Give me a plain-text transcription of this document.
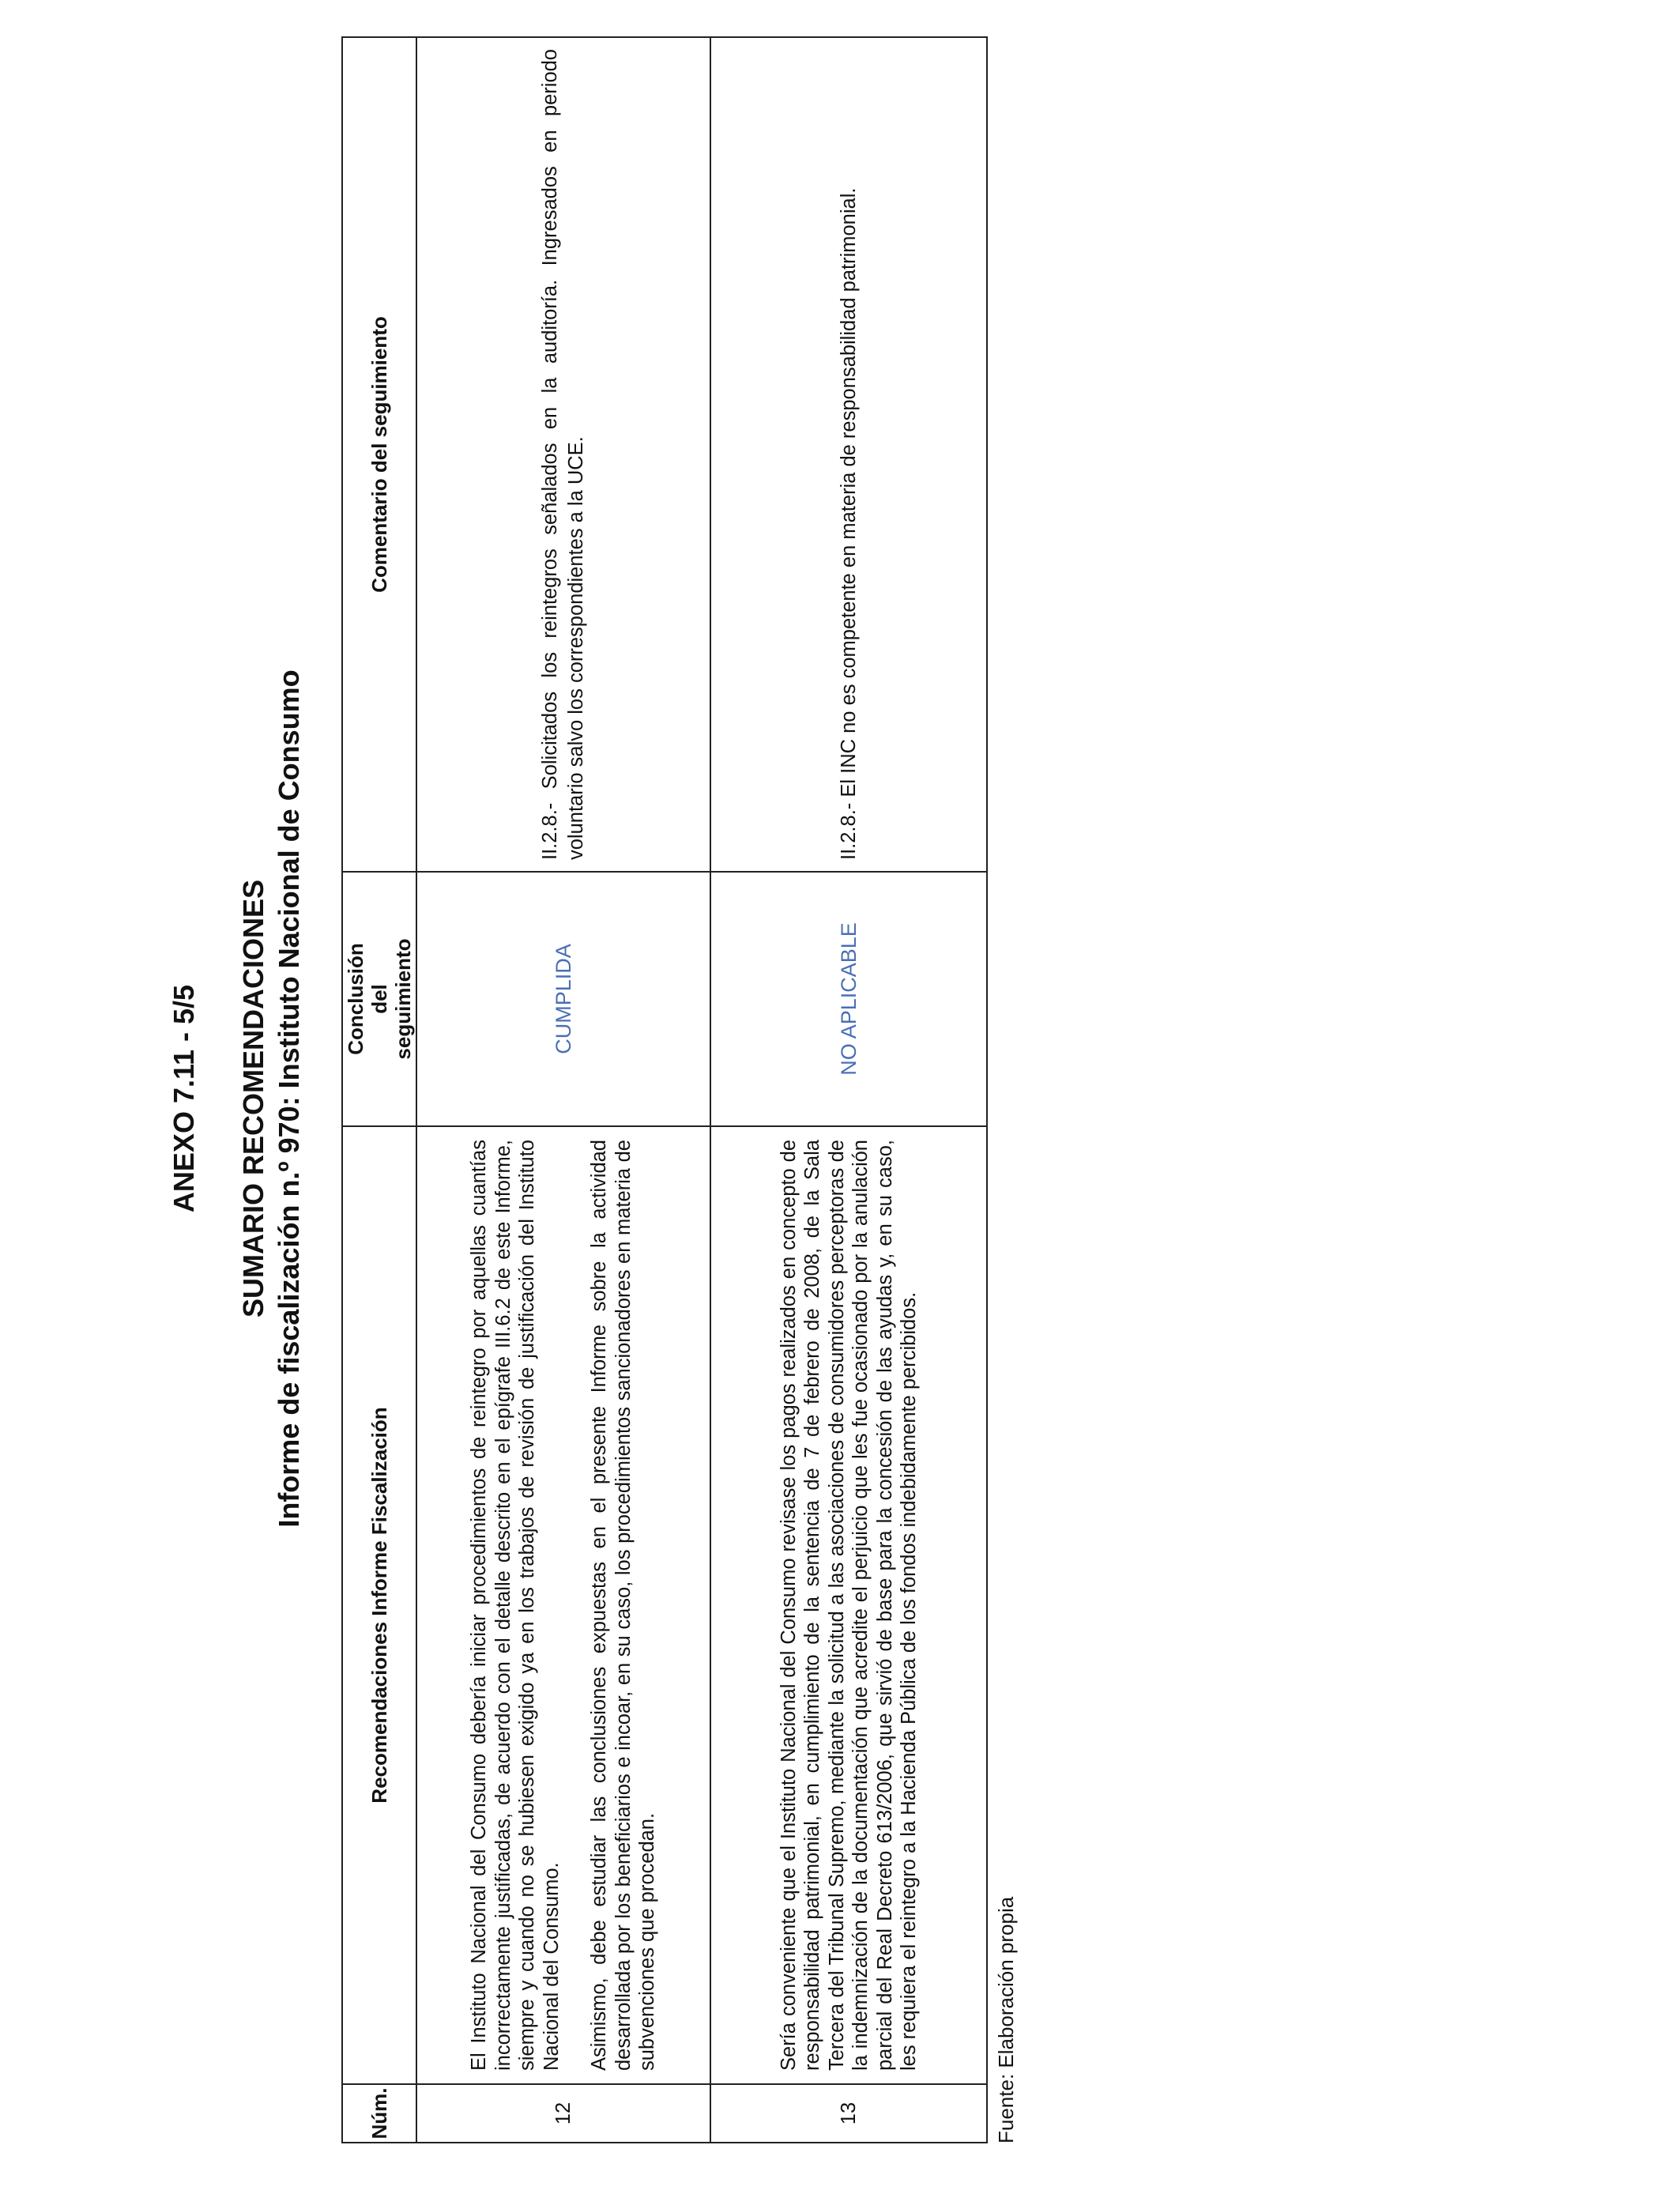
ANEXO 7.11 - 5/5 SUMARIO RECOMENDACIONES Informe de fiscalización n.º 970: Instituto Nacional de Consumo
Núm.	Recomendaciones Informe Fiscalización	Conclusión del seguimiento	Comentario del seguimiento
12	El Instituto Nacional del Consumo debería iniciar procedimientos de reintegro por aquellas cuantías incorrectamente justificadas, de acuerdo con el detalle descrito en el epígrafe III.6.2 de este Informe, siempre y cuando no se hubiesen exigido ya en los trabajos de revisión de justificación del Instituto Nacional del Consumo. Asimismo, debe estudiar las conclusiones expuestas en el presente Informe sobre la actividad desarrollada por los beneficiarios e incoar, en su caso, los procedimientos sancionadores en materia de subvenciones que procedan.	CUMPLIDA	II.2.8.- Solicitados los reintegros señalados en la auditoría. Ingresados en periodo voluntario salvo los correspondientes a la UCE.
13	Sería conveniente que el Instituto Nacional del Consumo revisase los pagos realizados en concepto de responsabilidad patrimonial, en cumplimiento de la sentencia de 7 de febrero de 2008, de la Sala Tercera del Tribunal Supremo, mediante la solicitud a las asociaciones de consumidores perceptoras de la indemnización de la documentación que acredite el perjuicio que les fue ocasionado por la anulación parcial del Real Decreto 613/2006, que sirvió de base para la concesión de las ayudas y, en su caso, les requiera el reintegro a la Hacienda Pública de los fondos indebidamente percibidos.	NO APLICABLE	II.2.8.- El INC no es competente en materia de responsabilidad patrimonial.
Fuente: Elaboración propia
